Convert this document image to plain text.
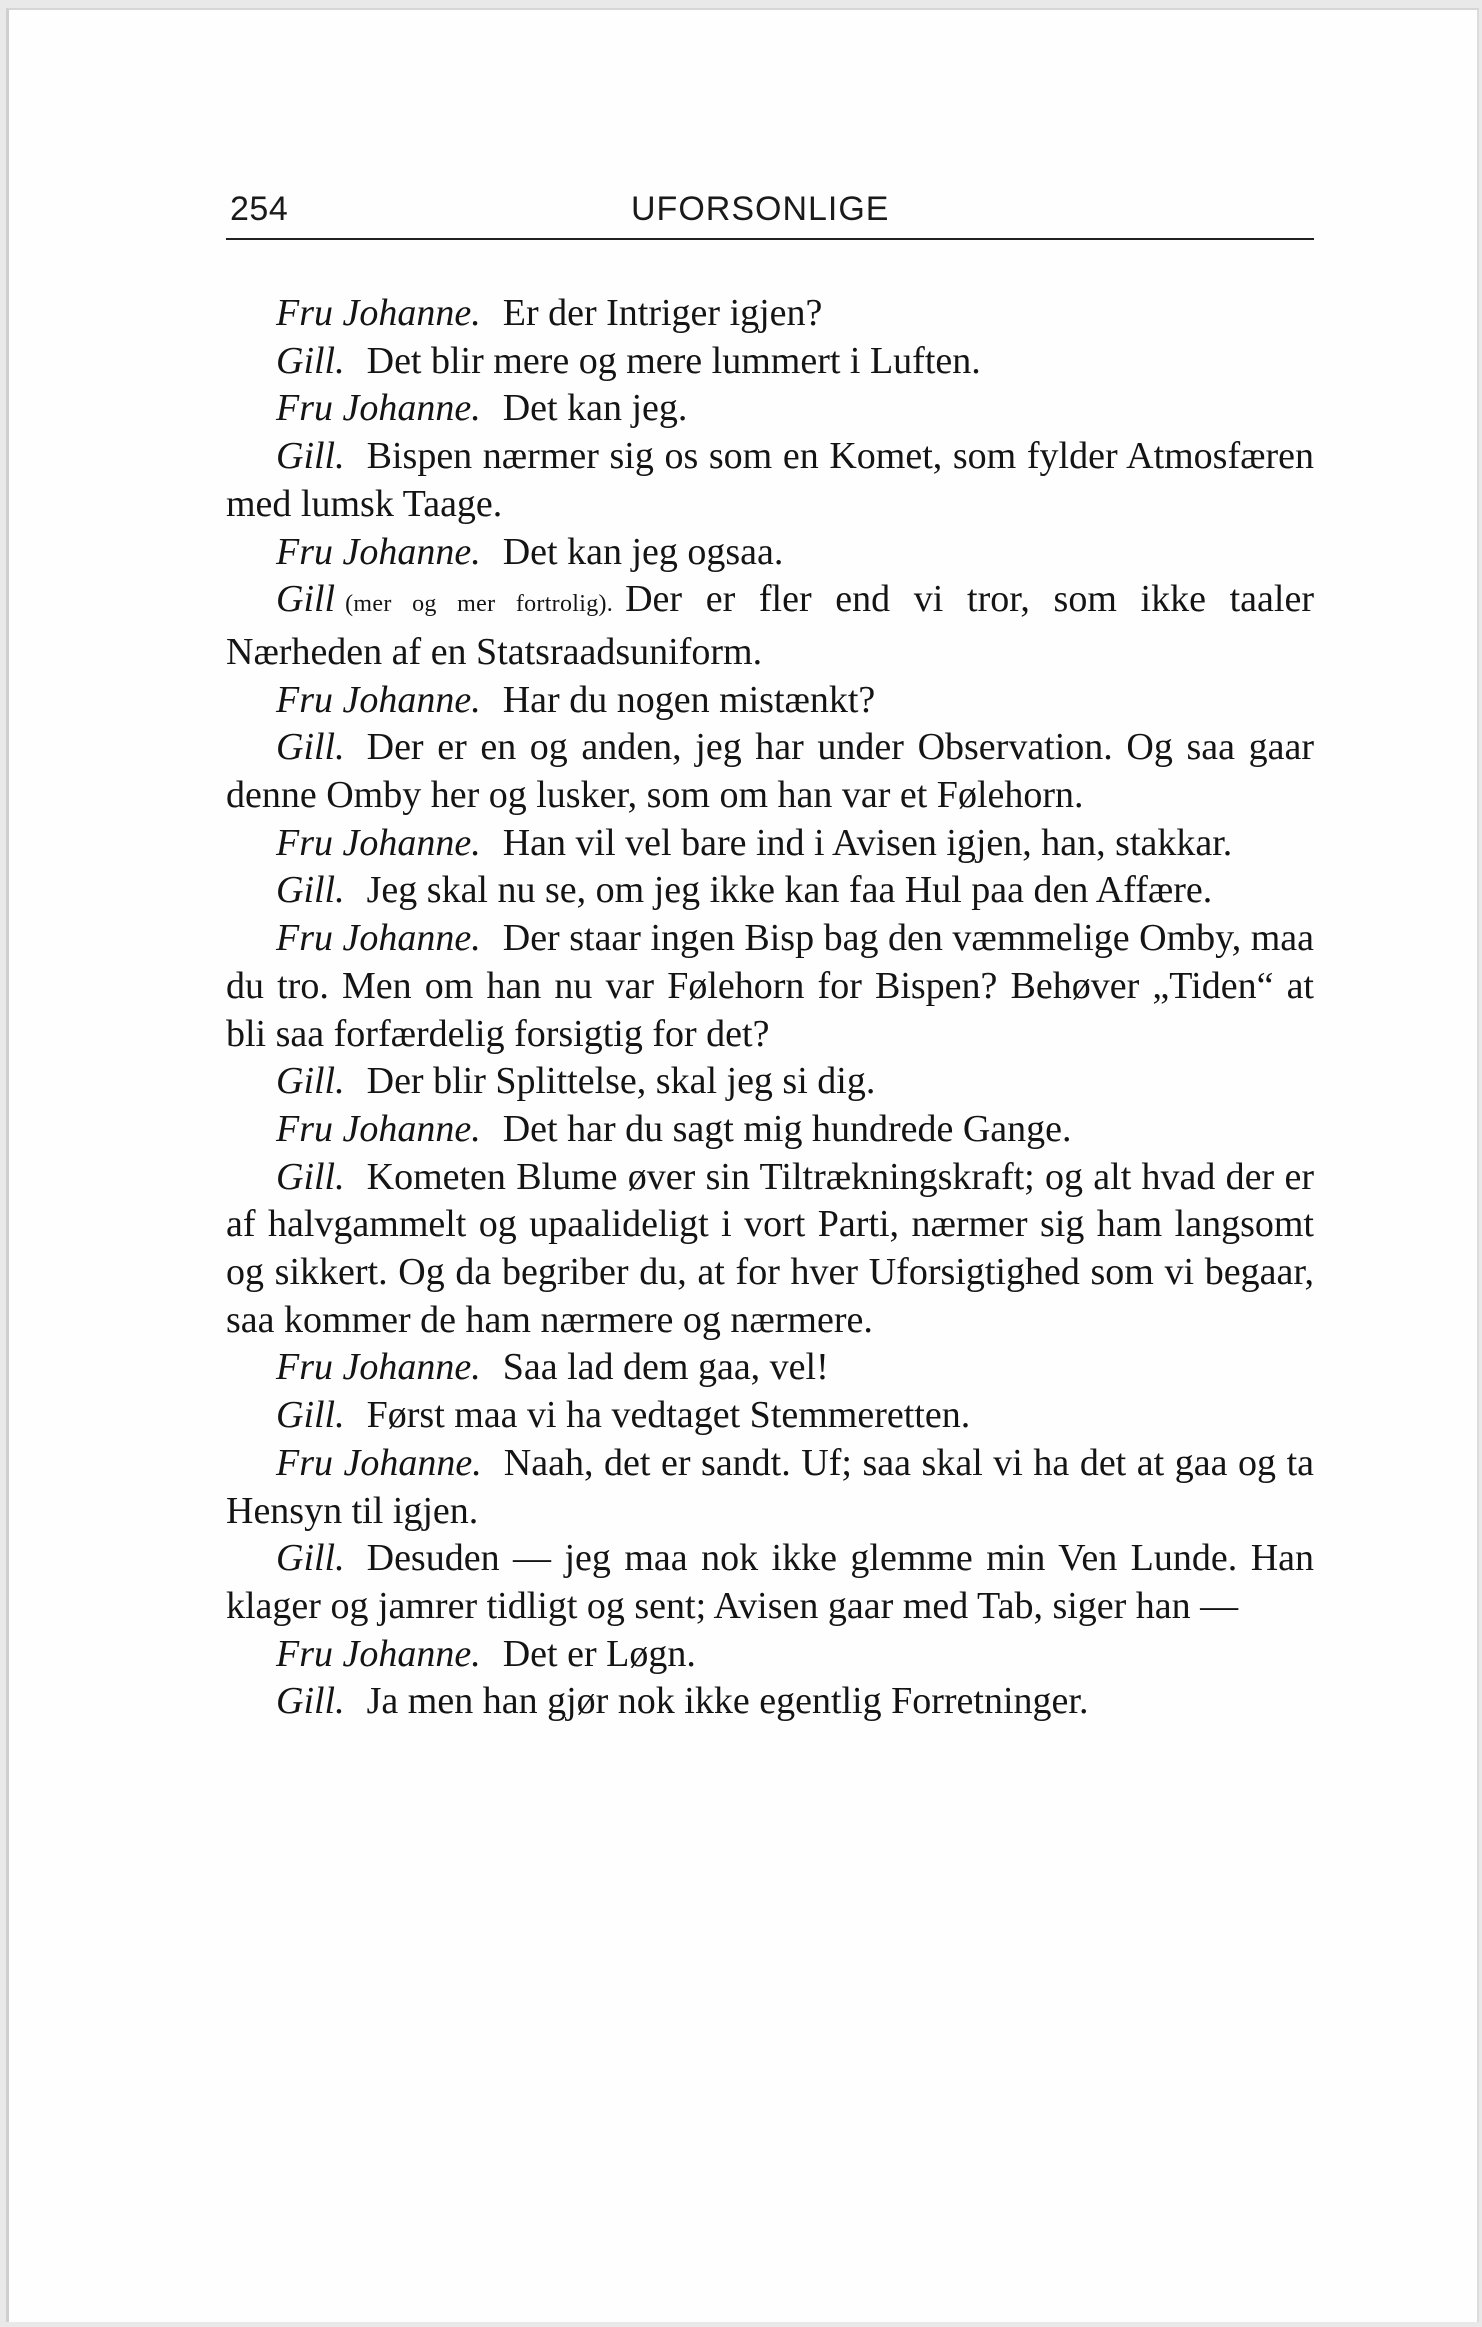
254	UFORSONLIGE

Fru Johanne. Er der Intriger igjen?

Gill. Det blir mere og mere lummert i Luften.

Fru Johanne. Det kan jeg.

Gill. Bispen nærmer sig os som en Komet, som fylder Atmosfæren med lumsk Taage.

Fru Johanne. Det kan jeg ogsaa.

Gill (mer og mer fortrolig). Der er fler end vi tror, som ikke taaler Nærheden af en Statsraadsuniform.

Fru Johanne. Har du nogen mistænkt?

Gill. Der er en og anden, jeg har under Observation. Og saa gaar denne Omby her og lusker, som om han var et Følehorn.

Fru Johanne. Han vil vel bare ind i Avisen igjen, han, stakkar.

Gill. Jeg skal nu se, om jeg ikke kan faa Hul paa den Affære.

Fru Johanne. Der staar ingen Bisp bag den væmmelige Omby, maa du tro. Men om han nu var Følehorn for Bispen? Behøver „Tiden“ at bli saa forfærdelig forsigtig for det?

Gill. Der blir Splittelse, skal jeg si dig.

Fru Johanne. Det har du sagt mig hundrede Gange.

Gill. Kometen Blume øver sin Tiltrækningskraft; og alt hvad der er af halvgammelt og upaalideligt i vort Parti, nærmer sig ham langsomt og sikkert. Og da begriber du, at for hver Uforsigtighed som vi begaar, saa kommer de ham nærmere og nærmere.

Fru Johanne. Saa lad dem gaa, vel!

Gill. Først maa vi ha vedtaget Stemmeretten.

Fru Johanne. Naah, det er sandt. Uf; saa skal vi ha det at gaa og ta Hensyn til igjen.

Gill. Desuden — jeg maa nok ikke glemme min Ven Lunde. Han klager og jamrer tidligt og sent; Avisen gaar med Tab, siger han —

Fru Johanne. Det er Løgn.

Gill. Ja men han gjør nok ikke egentlig Forretninger.
